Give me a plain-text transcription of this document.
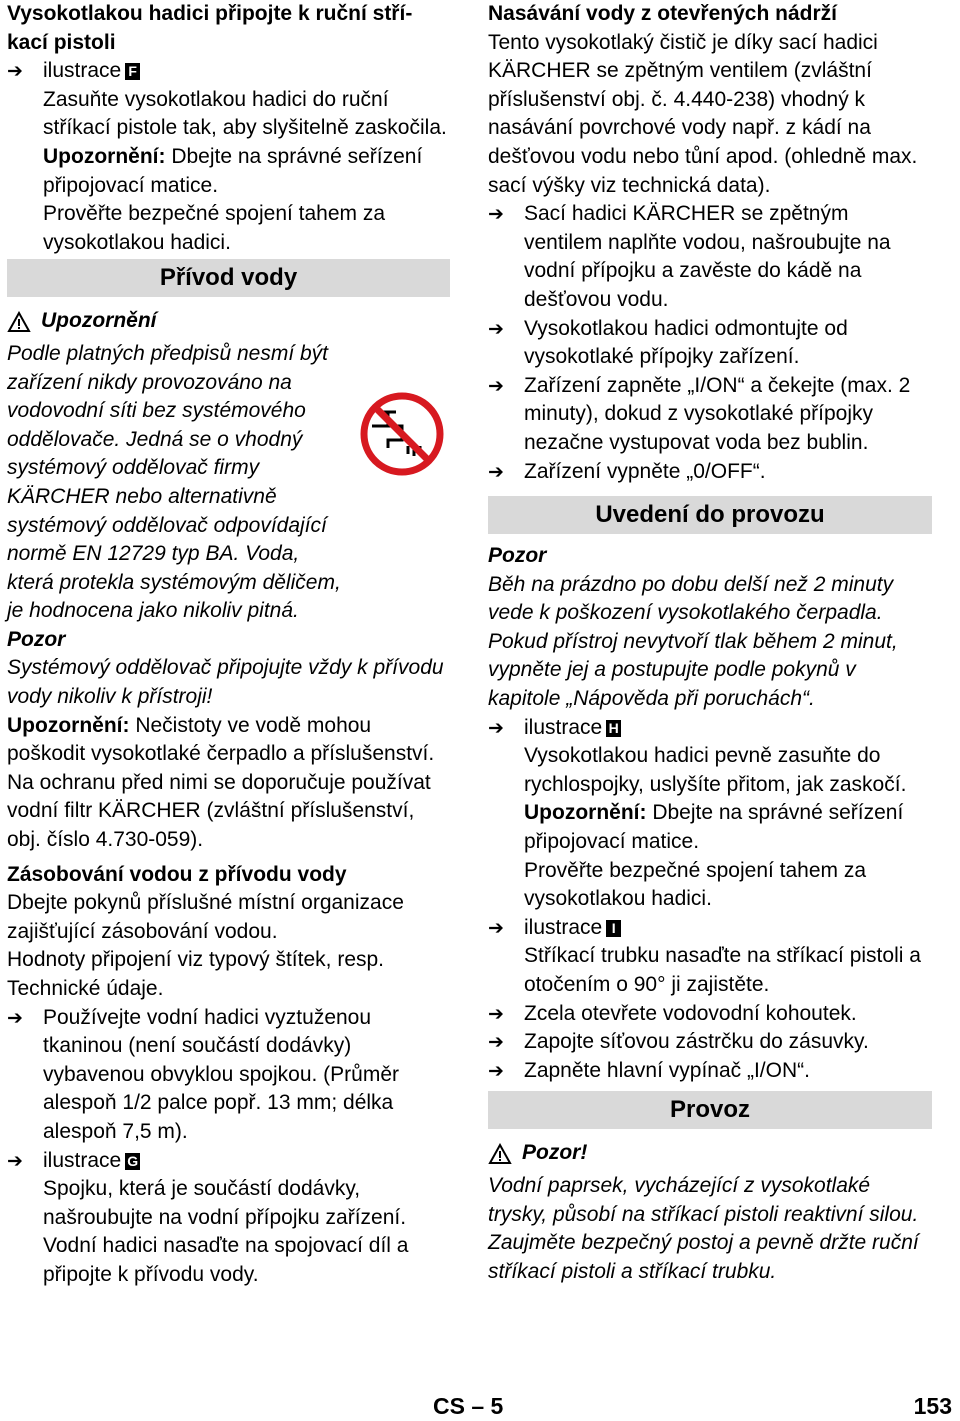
Vysokotlakou hadici připojte k ruční stří-kací pistoli

➔ ilustrace F

Zasuňte vysokotlakou hadici do ruční stříkací pistole tak, aby slyšitelně zaskočila.

Upozornění: Dbejte na správné seřízení připojovací matice.

Prověřte bezpečné spojení tahem za vysokotlakou hadici.

Přívod vody
Upozornění

Podle platných předpisů nesmí být zařízení nikdy provozováno na vodovodní síti bez systémového oddělovače. Jedná se o vhodný systémový oddělovač firmy KÄRCHER nebo alternativně systémový oddělovač odpovídající normě EN 12729 typ BA. Voda, která protekla systémovým děličem, je hodnocena jako nikoliv pitná.

Pozor

Systémový oddělovač připojujte vždy k přívodu vody nikoliv k přístroji!

Upozornění: Nečistoty ve vodě mohou poškodit vysokotlaké čerpadlo a příslušenství. Na ochranu před nimi se doporučuje používat vodní filtr KÄRCHER (zvláštní příslušenství, obj. číslo 4.730-059).

Zásobování vodou z přívodu vody

Dbejte pokynů příslušné místní organizace zajišťující zásobování vodou.

Hodnoty připojení viz typový štítek, resp. Technické údaje.

➔ Používejte vodní hadici vyztuženou tkaninou (není součástí dodávky) vybavenou obvyklou spojkou. (Průměr alespoň 1/2 palce popř. 13 mm; délka alespoň 7,5 m).

➔ ilustrace G

Spojku, která je součástí dodávky, našroubujte na vodní přípojku zařízení.

Vodní hadici nasaďte na spojovací díl a připojte k přívodu vody.

Nasávání vody z otevřených nádrží

Tento vysokotlaký čistič je díky sací hadici KÄRCHER se zpětným ventilem (zvláštní příslušenství obj. č. 4.440-238) vhodný k nasávání povrchové vody např. z kádí na dešťovou vodu nebo tůní apod. (ohledně max. sací výšky viz technická data).

➔ Sací hadici KÄRCHER se zpětným ventilem naplňte vodou, našroubujte na vodní přípojku a zavěste do kádě na dešťovou vodu.

➔ Vysokotlakou hadici odmontujte od vysokotlaké přípojky zařízení.

➔ Zařízení zapněte „I/ON“ a čekejte (max. 2 minuty), dokud z vysokotlaké přípojky nezačne vystupovat voda bez bublin.

➔ Zařízení vypněte „0/OFF“.

Uvedení do provozu

Pozor

Běh na prázdno po dobu delší než 2 minuty vede k poškození vysokotlakého čerpadla. Pokud přístroj nevytvoří tlak během 2 minut, vypněte jej a postupujte podle pokynů v kapitole „Nápověda při poruchách“.

➔ ilustrace H

Vysokotlakou hadici pevně zasuňte do rychlospojky, uslyšíte přitom, jak zaskočí.

Upozornění: Dbejte na správné seřízení připojovací matice.

Prověřte bezpečné spojení tahem za vysokotlakou hadici.

➔ ilustrace I

Stříkací trubku nasaďte na stříkací pistoli a otočením o 90° ji zajistěte.

➔ Zcela otevřete vodovodní kohoutek.

➔ Zapojte síťovou zástrčku do zásuvky.

➔ Zapněte hlavní vypínač „I/ON“.

Provoz
Pozor!

Vodní paprsek, vycházející z vysokotlaké trysky, působí na stříkací pistoli reaktivní silou. Zaujměte bezpečný postoj a pevně držte ruční stříkací pistoli a stříkací trubku.

CS – 5	153
